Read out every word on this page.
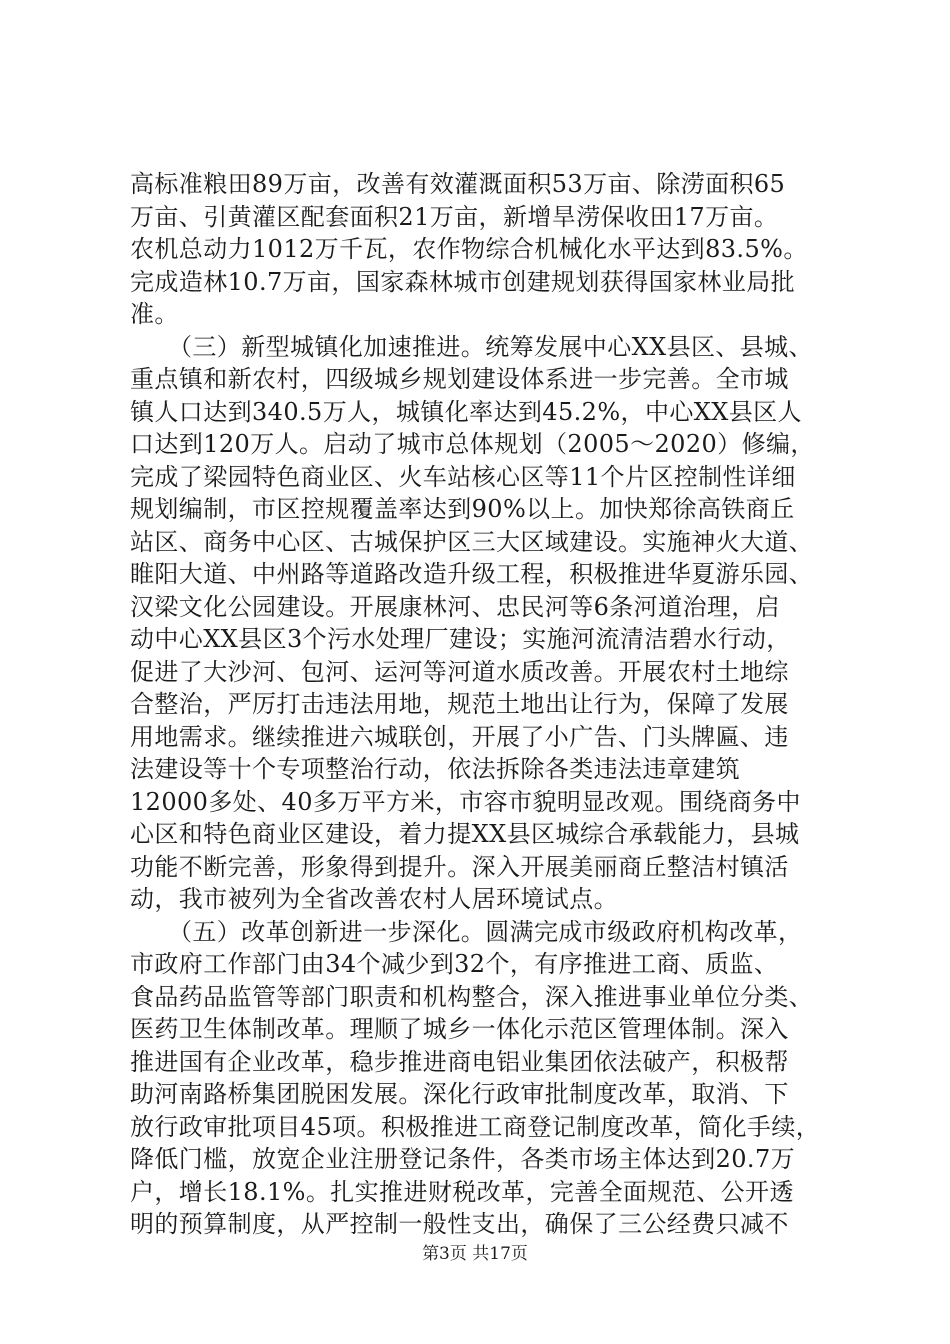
高标准粮田89万亩，改善有效灌溉面积53万亩、除涝面积65
万亩、引黄灌区配套面积21万亩，新增旱涝保收田17万亩。
农机总动力1012万千瓦，农作物综合机械化水平达到83.5%。
完成造林10.7万亩，国家森林城市创建规划获得国家林业局批
准。
（三）新型城镇化加速推进。统筹发展中心XX县区、县城、
重点镇和新农村，四级城乡规划建设体系进一步完善。全市城
镇人口达到340.5万人，城镇化率达到45.2%，中心XX县区人
口达到120万人。启动了城市总体规划（2005～2020）修编，
完成了梁园特色商业区、火车站核心区等11个片区控制性详细
规划编制，市区控规覆盖率达到90%以上。加快郑徐高铁商丘
站区、商务中心区、古城保护区三大区域建设。实施神火大道、
睢阳大道、中州路等道路改造升级工程，积极推进华夏游乐园、
汉梁文化公园建设。开展康林河、忠民河等6条河道治理，启
动中心XX县区3个污水处理厂建设；实施河流清洁碧水行动，
促进了大沙河、包河、运河等河道水质改善。开展农村土地综
合整治，严厉打击违法用地，规范土地出让行为，保障了发展
用地需求。继续推进六城联创，开展了小广告、门头牌匾、违
法建设等十个专项整治行动，依法拆除各类违法违章建筑
12000多处、40多万平方米，市容市貌明显改观。围绕商务中
心区和特色商业区建设，着力提XX县区城综合承载能力，县城
功能不断完善，形象得到提升。深入开展美丽商丘整洁村镇活
动，我市被列为全省改善农村人居环境试点。
（五）改革创新进一步深化。圆满完成市级政府机构改革，
市政府工作部门由34个减少到32个，有序推进工商、质监、
食品药品监管等部门职责和机构整合，深入推进事业单位分类、
医药卫生体制改革。理顺了城乡一体化示范区管理体制。深入
推进国有企业改革，稳步推进商电铝业集团依法破产，积极帮
助河南路桥集团脱困发展。深化行政审批制度改革，取消、下
放行政审批项目45项。积极推进工商登记制度改革，简化手续，
降低门槛，放宽企业注册登记条件，各类市场主体达到20.7万
户，增长18.1%。扎实推进财税改革，完善全面规范、公开透
明的预算制度，从严控制一般性支出，确保了三公经费只减不
第3页 共17页
